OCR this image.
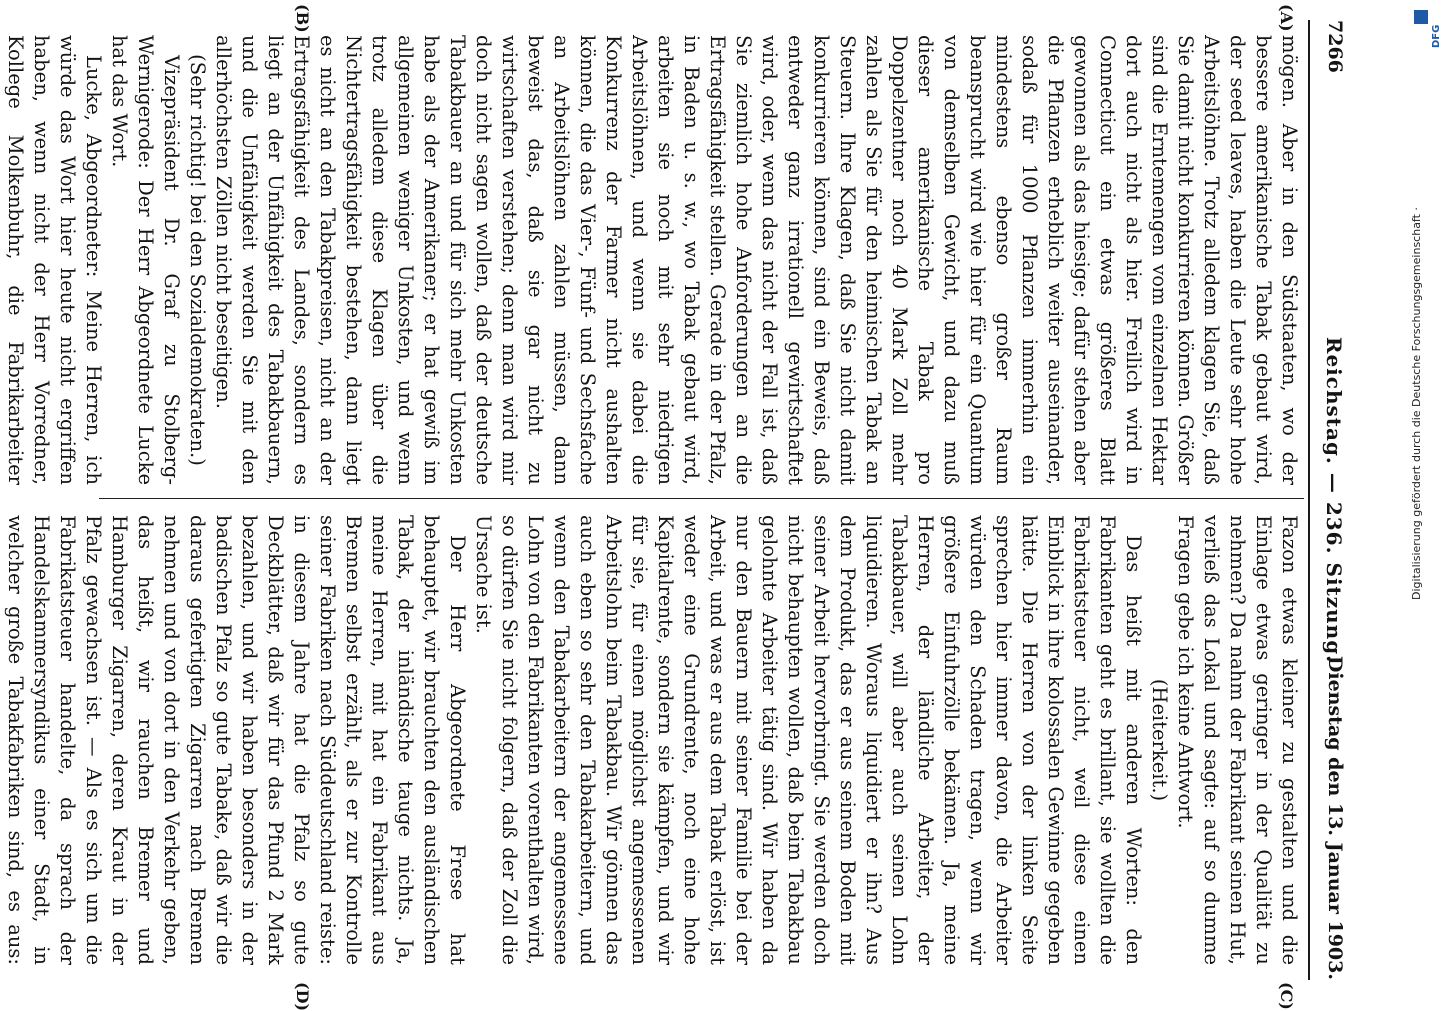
7266
Reichstag. — 236. Sitzung.
Dienstag den 13. Januar 1903.
(A)
(B)
(C)
(D)

mögen. Aber in den Südstaaten, wo der bessere amerikanische Tabak gebaut wird, der seed leaves, haben die Leute sehr hohe Arbeitslöhne. Trotz alledem klagen Sie, daß Sie damit nicht konkurrieren können. Größer sind die Erntemengen vom einzelnen Hektar dort auch nicht als hier. Freilich wird in Connecticut ein etwas größeres Blatt gewonnen als das hiesige; dafür stehen aber die Pflanzen erheblich weiter auseinander, sodaß für 1000 Pflanzen immerhin ein mindestens ebenso großer Raum beansprucht wird wie hier für ein Quantum von demselben Gewicht, und dazu muß dieser amerikanische Tabak pro Doppelzentner noch 40 Mark Zoll mehr zahlen als Sie für den heimischen Tabak an Steuern. Ihre Klagen, daß Sie nicht damit konkurrieren können, sind ein Beweis, daß entweder ganz irrationell gewirtschaftet wird, oder, wenn das nicht der Fall ist, daß Sie ziemlich hohe Anforderungen an die Ertragsfähigkeit stellen. Gerade in der Pfalz, in Baden u. s. w., wo Tabak gebaut wird, arbeiten sie noch mit sehr niedrigen Arbeitslöhnen, und wenn sie dabei die Konkurrenz der Farmer nicht aushalten können, die das Vier-, Fünf- und Sechsfache an Arbeitslöhnen zahlen müssen, dann beweist das, daß sie gar nicht zu wirtschaften verstehen; denn man wird mir doch nicht sagen wollen, daß der deutsche Tabakbauer an und für sich mehr Unkosten habe als der Amerikaner; er hat gewiß im allgemeinen weniger Unkosten, und wenn trotz alledem diese Klagen über die Nichtertragsfähigkeit bestehen, dann liegt es nicht an den Tabakpreisen, nicht an der Ertragsfähigkeit des Landes, sondern es liegt an der Unfähigkeit des Tabakbauern, und die Unfähigkeit werden Sie mit den allerhöchsten Zöllen nicht beseitigen.

(Sehr richtig! bei den Sozialdemokraten.)

Vizepräsident Dr. Graf zu Stolberg-Wernigerode: Der Herr Abgeordnete Lucke hat das Wort.

Lucke, Abgeordneter: Meine Herren, ich würde das Wort hier heute nicht ergriffen haben, wenn nicht der Herr Vorredner, Kollege Molkenbuhr, die Fabrikarbeiter

Fazon etwas kleiner zu gestalten und die Einlage etwas geringer in der Qualität zu nehmen? Da nahm der Fabrikant seinen Hut, verließ das Lokal und sagte: auf so dumme Fragen gebe ich keine Antwort.

(Heiterkeit.)

Das heißt mit anderen Worten: den Fabrikanten geht es brillant, sie wollten die Fabrikatsteuer nicht, weil diese einen Einblick in ihre kolossalen Gewinne gegeben hätte. Die Herren von der linken Seite sprechen hier immer davon, die Arbeiter würden den Schaden tragen, wenn wir größere Einfuhrzölle bekämen. Ja, meine Herren, der ländliche Arbeiter, der Tabakbauer, will aber auch seinen Lohn liquidieren. Woraus liquidiert er ihn? Aus dem Produkt, das er aus seinem Boden mit seiner Arbeit hervorbringt. Sie werden doch nicht behaupten wollen, daß beim Tabakbau gelohnte Arbeiter tätig sind. Wir haben da nur den Bauern mit seiner Familie bei der Arbeit, und was er aus dem Tabak erlöst, ist weder eine Grundrente, noch eine hohe Kapitalrente, sondern sie kämpfen, und wir für sie, für einen möglichst angemessenen Arbeitslohn beim Tabakbau. Wir gönnen das auch eben so sehr den Tabakarbeitern, und wenn den Tabakarbeitern der angemessene Lohn von den Fabrikanten vorenthalten wird, so dürfen Sie nicht folgern, daß der Zoll die Ursache ist.

Der Herr Abgeordnete Frese hat behauptet, wir brauchten den ausländischen Tabak, der inländische tauge nichts. Ja, meine Herren, mit hat ein Fabrikant aus Bremen selbst erzählt, als er zur Kontrolle seiner Fabriken nach Süddeutschland reiste: in diesem Jahre hat die Pfalz so gute Deckblätter, daß wir für das Pfund 2 Mark bezahlen, und wir haben besonders in der badischen Pfalz so gute Tabake, daß wir die daraus gefertigten Zigarren nach Bremen nehmen und von dort in den Verkehr geben, das heißt, wir rauchen Bremer und Hamburger Zigarren, deren Kraut in der Pfalz gewachsen ist. — Als es sich um die Fabrikatsteuer handelte, da sprach der Handelskammersyndikus einer Stadt, in welcher große Tabakfabriken sind, es aus:

DFG
Digitalisierung gefördert durch die Deutsche Forschungsgemeinschaft ·
